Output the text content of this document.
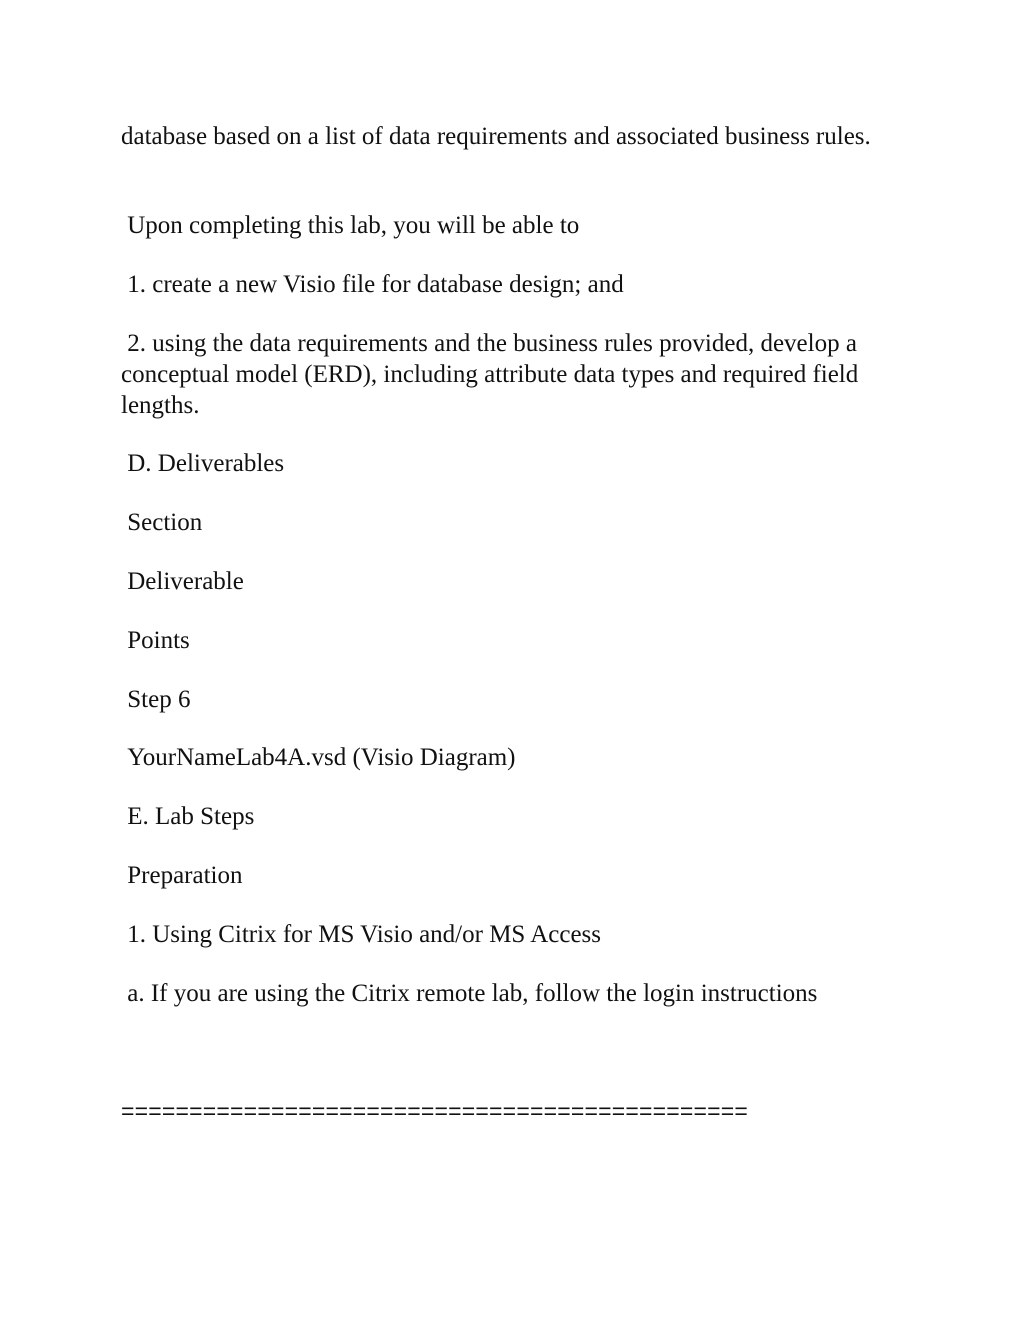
database based on a list of data requirements and associated business rules.

Upon completing this lab, you will be able to

1. create a new Visio file for database design; and

2. using the data requirements and the business rules provided, develop a conceptual model (ERD), including attribute data types and required field lengths.

D. Deliverables

Section

Deliverable

Points

Step 6

YourNameLab4A.vsd (Visio Diagram)

E. Lab Steps

Preparation

1. Using Citrix for MS Visio and/or MS Access

a. If you are using the Citrix remote lab, follow the login instructions

==============================================
